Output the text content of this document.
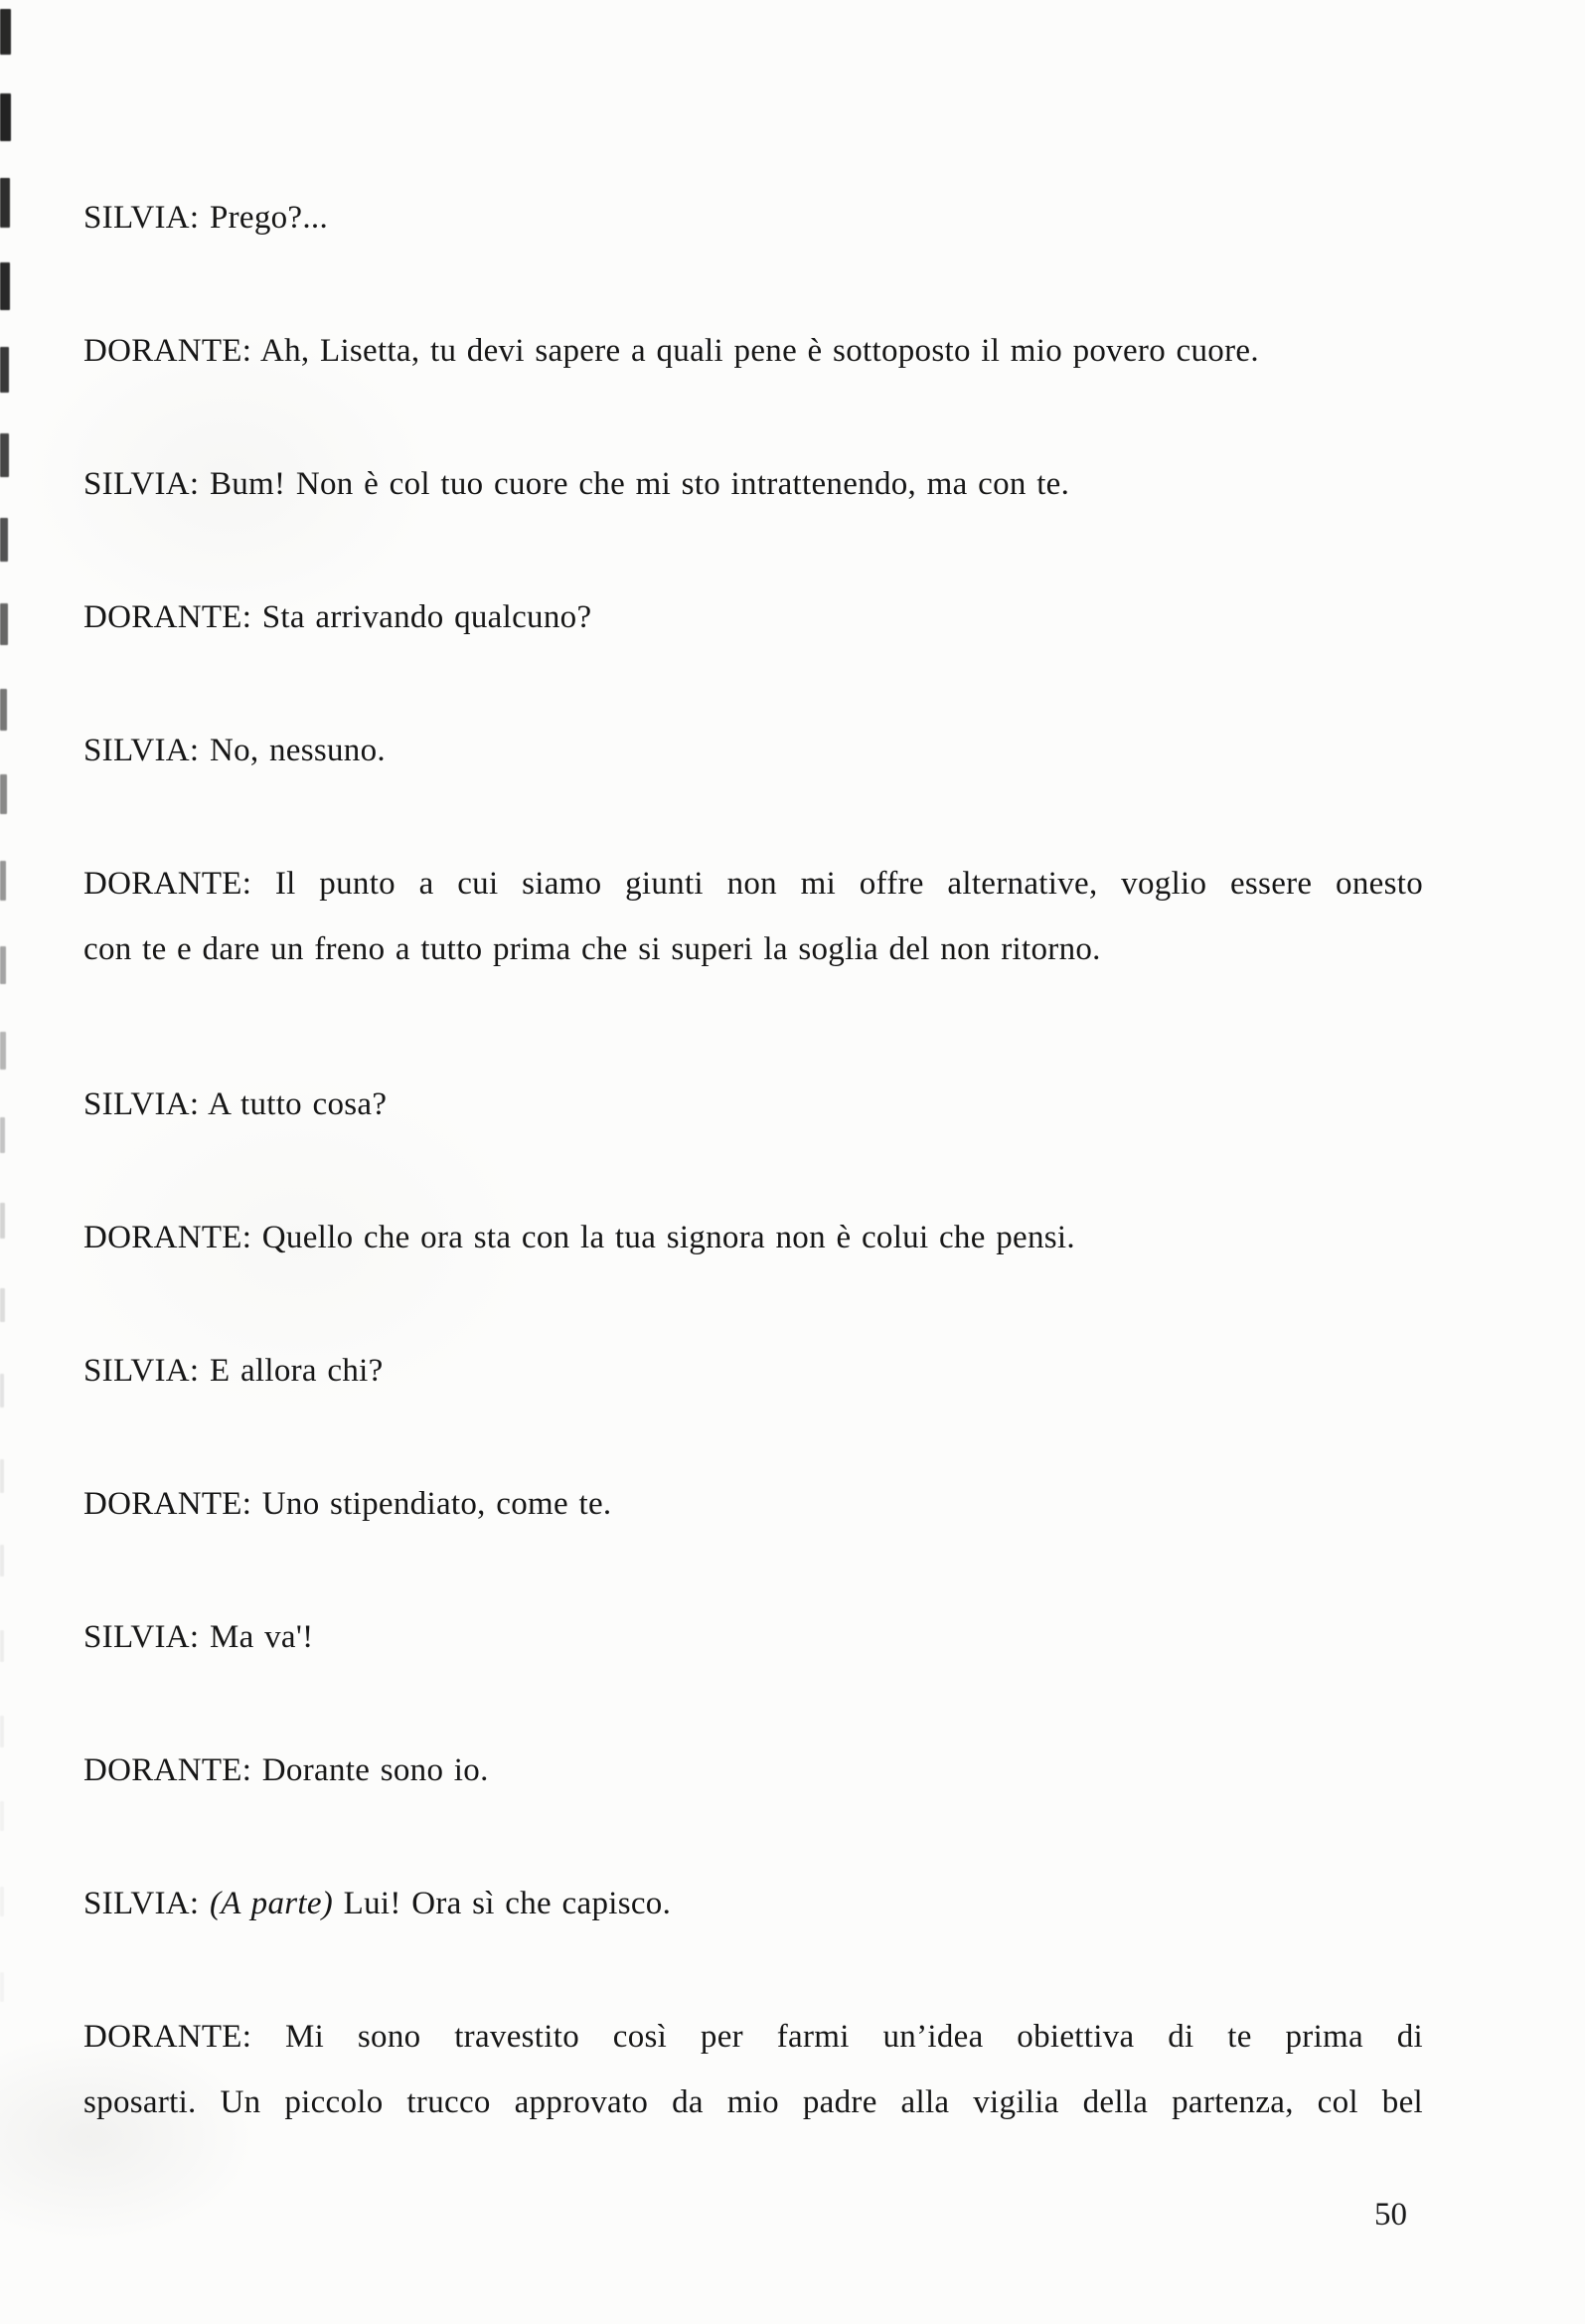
SILVIA: Prego?...
DORANTE: Ah, Lisetta, tu devi sapere a quali pene è sottoposto il mio povero cuore.
SILVIA: Bum! Non è col tuo cuore che mi sto intrattenendo, ma con te.
DORANTE: Sta arrivando qualcuno?
SILVIA: No, nessuno.
DORANTE: Il punto a cui siamo giunti non mi offre alternative, voglio essere onesto
con te e dare un freno a tutto prima che si superi la soglia del non ritorno.
SILVIA: A tutto cosa?
DORANTE: Quello che ora sta con la tua signora non è colui che pensi.
SILVIA: E allora chi?
DORANTE: Uno stipendiato, come te.
SILVIA: Ma va'!
DORANTE: Dorante sono io.
SILVIA: (A parte) Lui! Ora sì che capisco.
DORANTE: Mi sono travestito così per farmi un’idea obiettiva di te prima di
sposarti. Un piccolo trucco approvato da mio padre alla vigilia della partenza, col bel
50
